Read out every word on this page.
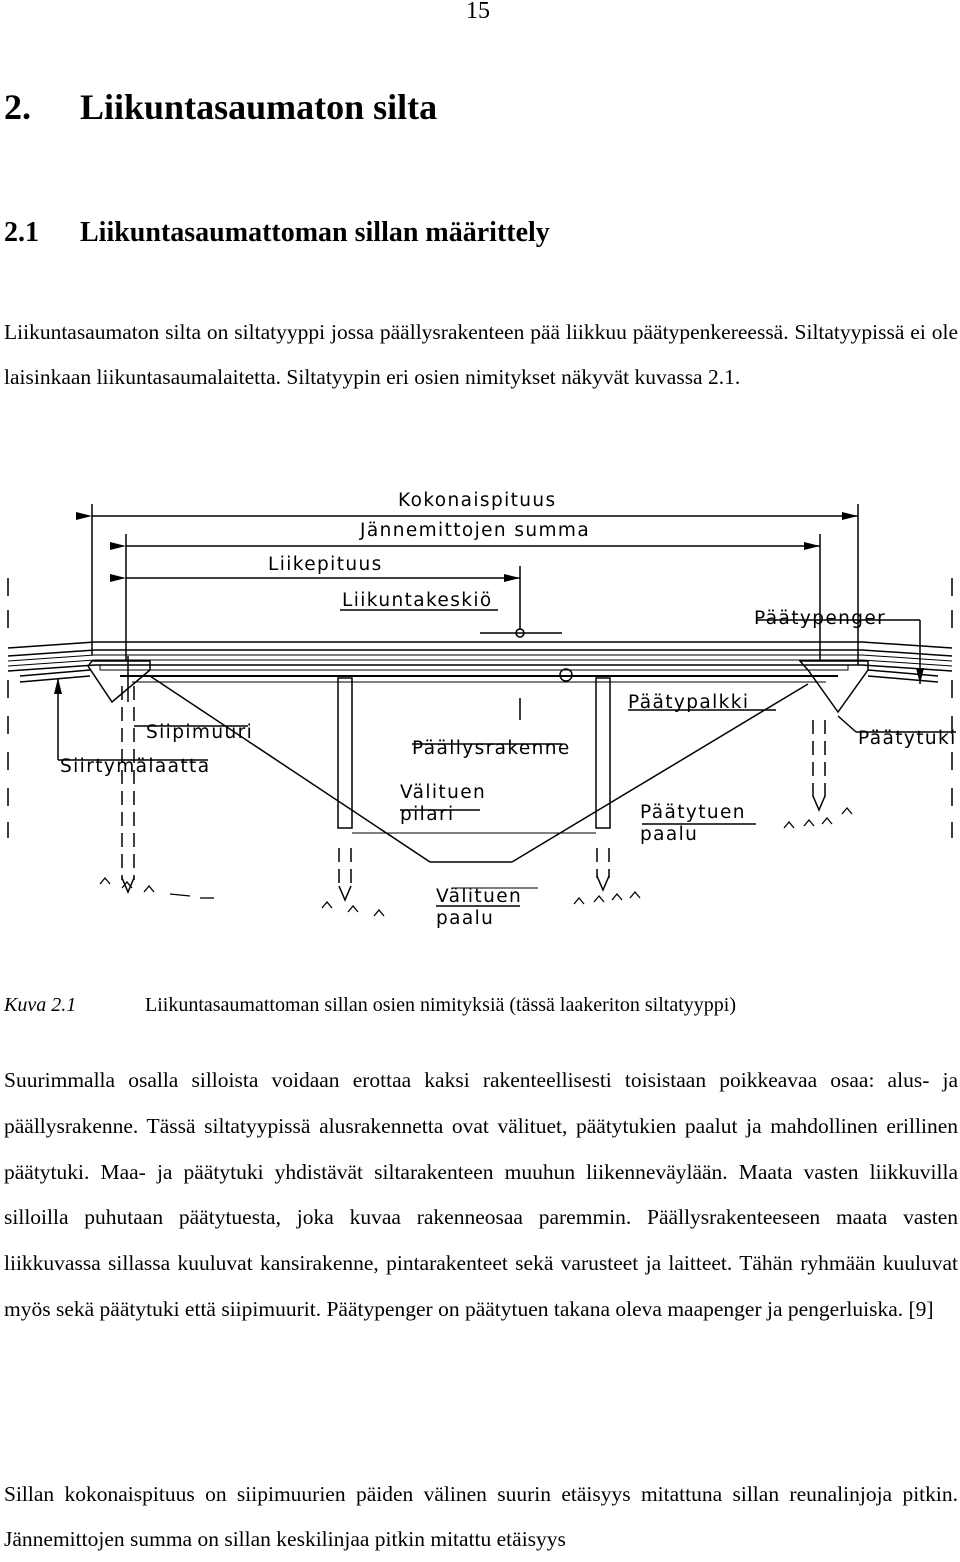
15
2. Liikuntasaumaton silta
2.1 Liikuntasaumattoman sillan määrittely
Liikuntasaumaton silta on siltatyyppi jossa päällysrakenteen pää liikkuu päätypenkereessä. Siltatyypissä ei ole laisinkaan liikuntasaumalaitetta. Siltatyypin eri osien nimitykset näkyvät kuvassa 2.1.
Kokonaispituus
Jännemittojen summa
Liikepituus
Liikuntakeskiö
Päätypenger
Päätypalkki
Siipimuuri
Päällysrakenne	Päätytuki
Siirtymälaatta
Välituen
pilari	Päätytuen
paalu
Välituen
paalu
Kuva 2.1	Liikuntasaumattoman sillan osien nimityksiä (tässä laakeriton siltatyyppi)
Suurimmalla osalla silloista voidaan erottaa kaksi rakenteellisesti toisistaan poikkeavaa osaa: alus- ja päällysrakenne. Tässä siltatyypissä alusrakennetta ovat välituet, päätytukien paalut ja mahdollinen erillinen päätytuki. Maa- ja päätytuki yhdistävät siltarakenteen muuhun liikenneväylään. Maata vasten liikkuvilla silloilla puhutaan päätytuesta, joka kuvaa rakenneosaa paremmin. Päällysrakenteeseen maata vasten liikkuvassa sillassa kuuluvat kansirakenne, pintarakenteet sekä varusteet ja laitteet. Tähän ryhmään kuuluvat myös sekä päätytuki että siipimuurit. Päätypenger on päätytuen takana oleva maapenger ja pengerluiska. [9]
Sillan kokonaispituus on siipimuurien päiden välinen suurin etäisyys mitattuna sillan reunalinjoja pitkin. Jännemittojen summa on sillan keskilinjaa pitkin mitattu etäisyys
